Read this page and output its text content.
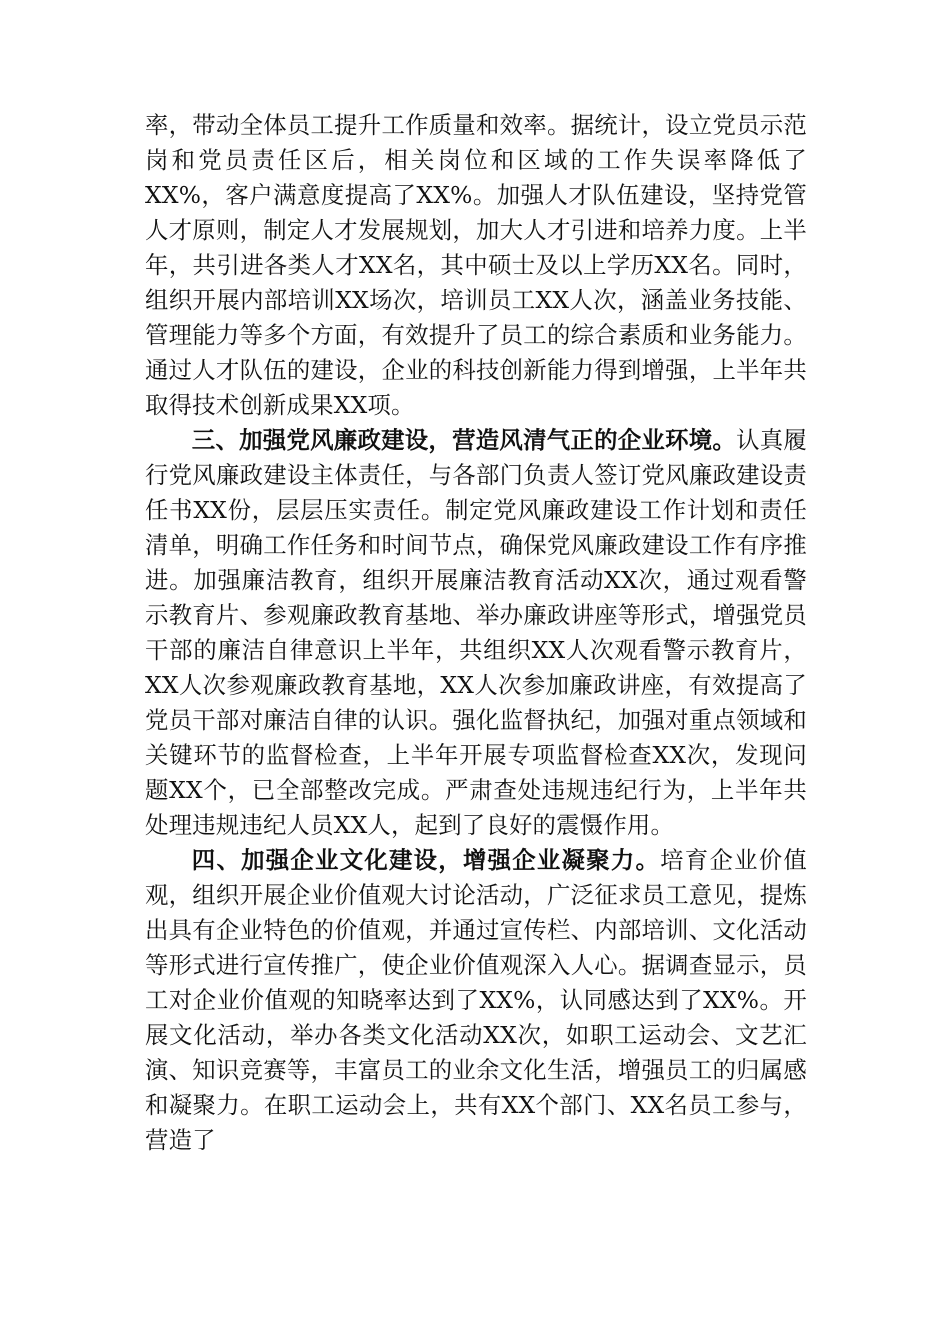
率，带动全体员工提升工作质量和效率。据统计，设立党员示范岗和党员责任区后，相关岗位和区域的工作失误率降低了XX%，客户满意度提高了XX%。加强人才队伍建设，坚持党管人才原则，制定人才发展规划，加大人才引进和培养力度。上半年，共引进各类人才XX名，其中硕士及以上学历XX名。同时，组织开展内部培训XX场次，培训员工XX人次，涵盖业务技能、管理能力等多个方面，有效提升了员工的综合素质和业务能力。通过人才队伍的建设，企业的科技创新能力得到增强，上半年共取得技术创新成果XX项。

三、加强党风廉政建设，营造风清气正的企业环境。认真履行党风廉政建设主体责任，与各部门负责人签订党风廉政建设责任书XX份，层层压实责任。制定党风廉政建设工作计划和责任清单，明确工作任务和时间节点，确保党风廉政建设工作有序推进。加强廉洁教育，组织开展廉洁教育活动XX次，通过观看警示教育片、参观廉政教育基地、举办廉政讲座等形式，增强党员干部的廉洁自律意识上半年，共组织XX人次观看警示教育片，XX人次参观廉政教育基地，XX人次参加廉政讲座，有效提高了党员干部对廉洁自律的认识。强化监督执纪，加强对重点领域和关键环节的监督检查，上半年开展专项监督检查XX次，发现问题XX个，已全部整改完成。严肃查处违规违纪行为，上半年共处理违规违纪人员XX人，起到了良好的震慑作用。

四、加强企业文化建设，增强企业凝聚力。培育企业价值观，组织开展企业价值观大讨论活动，广泛征求员工意见，提炼出具有企业特色的价值观，并通过宣传栏、内部培训、文化活动等形式进行宣传推广，使企业价值观深入人心。据调查显示，员工对企业价值观的知晓率达到了XX%，认同感达到了XX%。开展文化活动，举办各类文化活动XX次，如职工运动会、文艺汇演、知识竞赛等，丰富员工的业余文化生活，增强员工的归属感和凝聚力。在职工运动会上，共有XX个部门、XX名员工参与，营造了
